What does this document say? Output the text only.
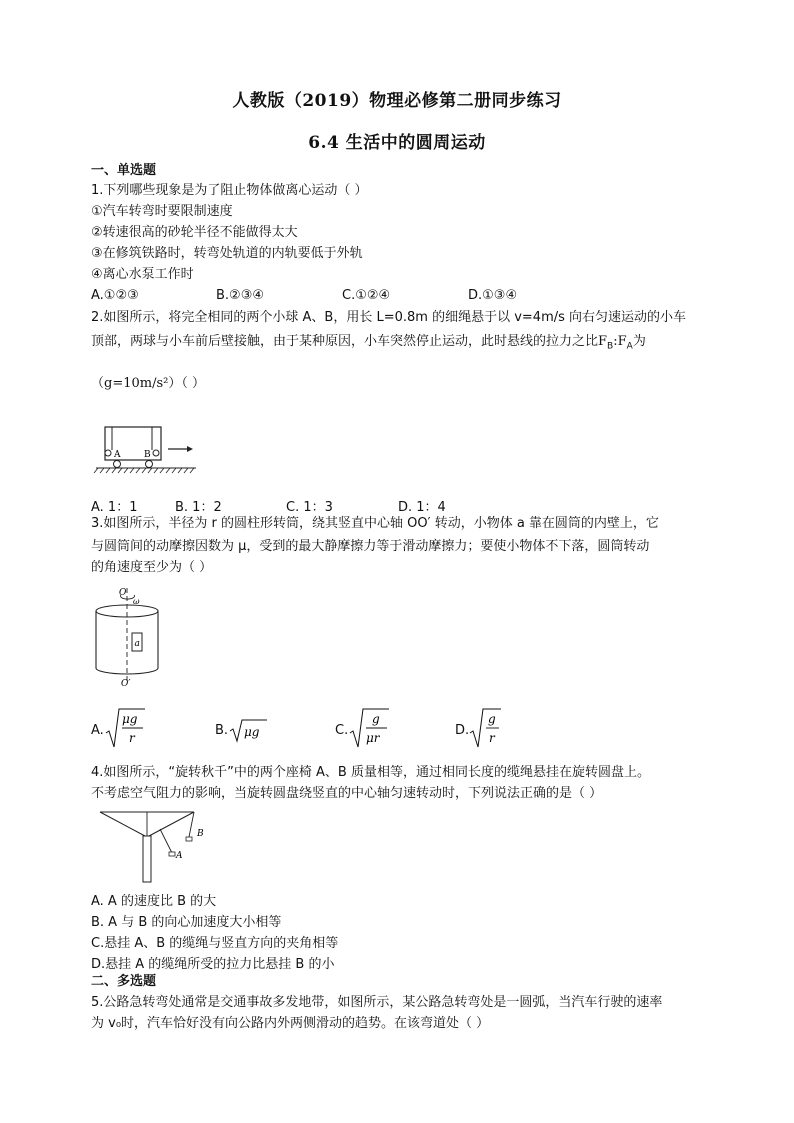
人教版（2019）物理必修第二册同步练习
6.4 生活中的圆周运动
一、单选题
1.下列哪些现象是为了阻止物体做离心运动（ ）
①汽车转弯时要限制速度
②转速很高的砂轮半径不能做得太大
③在修筑铁路时，转弯处轨道的内轨要低于外轨
④离心水泵工作时
A.①②③	B.②③④	C.①②④	D.①③④
2.如图所示，将完全相同的两个小球 A、B，用长 L=0.8m 的细绳悬于以 v=4m/s 向右匀速运动的小车
顶部，两球与小车前后壁接触，由于某种原因，小车突然停止运动，此时悬线的拉力之比$F_B:F_A$为
（g=10m/s²）（ ）
A	B
A. 1：1	B. 1：2	C. 1：3	D. 1：4
3.如图所示，半径为 r 的圆柱形转筒，绕其竖直中心轴 OO′ 转动，小物体 a 靠在圆筒的内壁上，它
与圆筒间的动摩擦因数为 μ，受到的最大静摩擦力等于滑动摩擦力；要使小物体不下落，圆筒转动
的角速度至少为（ ）
O
ω
a
O′
A.
μg
r	B. μg	C.
g
μr	D.
g
r
4.如图所示，“旋转秋千”中的两个座椅 A、B 质量相等，通过相同长度的缆绳悬挂在旋转圆盘上。
不考虑空气阻力的影响，当旋转圆盘绕竖直的中心轴匀速转动时，下列说法正确的是（ ）
A
B
A. A 的速度比 B 的大
B. A 与 B 的向心加速度大小相等
C.悬挂 A、B 的缆绳与竖直方向的夹角相等
D.悬挂 A 的缆绳所受的拉力比悬挂 B 的小
二、多选题
5.公路急转弯处通常是交通事故多发地带，如图所示，某公路急转弯处是一圆弧，当汽车行驶的速率
为 v₀时，汽车恰好没有向公路内外两侧滑动的趋势。在该弯道处（ ）
